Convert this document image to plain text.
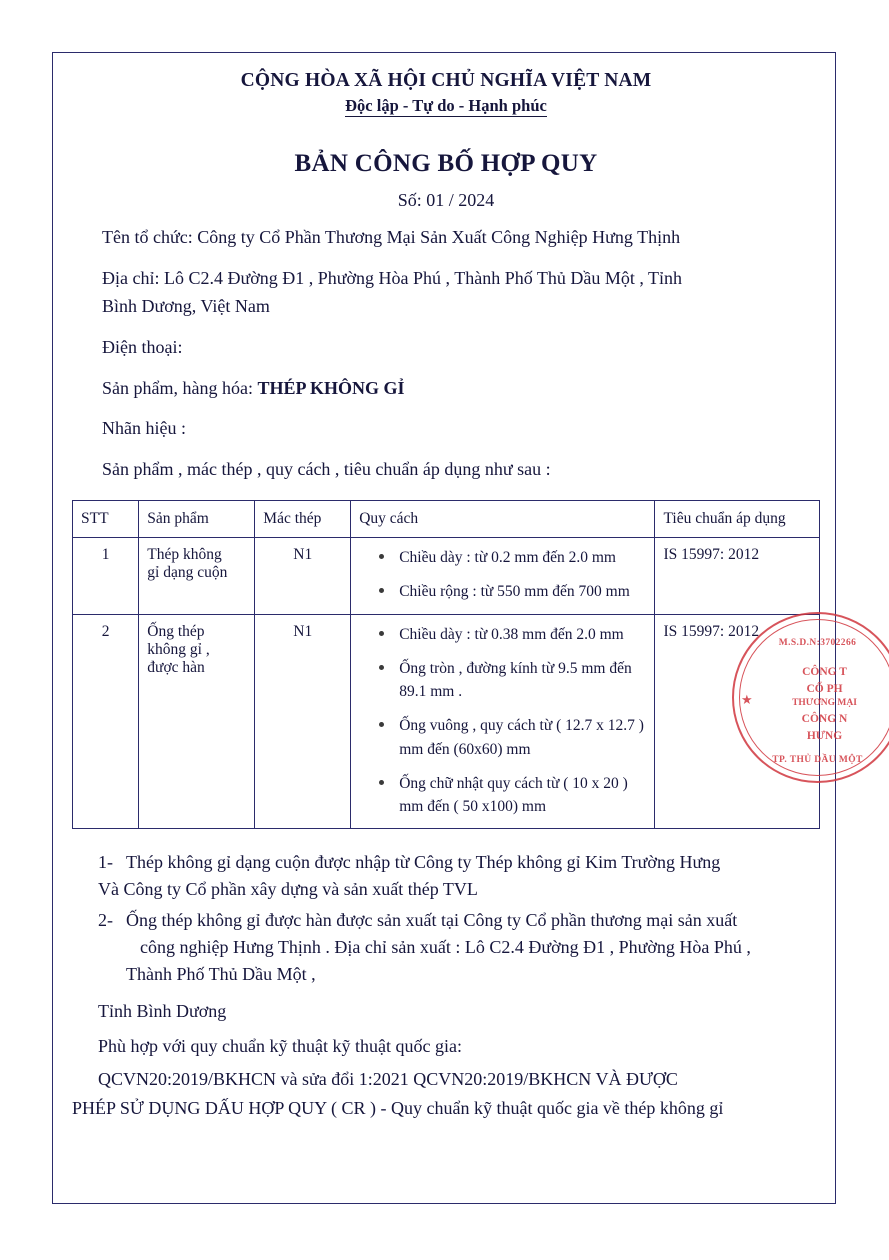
CỘNG HÒA XÃ HỘI CHỦ NGHĨA VIỆT NAM
Độc lập - Tự do - Hạnh phúc
BẢN CÔNG BỐ HỢP QUY
Số: 01 / 2024
Tên tổ chức: Công ty Cổ Phần Thương Mại Sản Xuất Công Nghiệp Hưng Thịnh
Địa chỉ: Lô C2.4 Đường Đ1 , Phường Hòa Phú , Thành Phố Thủ Dầu Một , Tỉnh
Bình Dương, Việt Nam
Điện thoại:
Sản phẩm, hàng hóa: THÉP KHÔNG GỈ
Nhãn hiệu :
Sản phẩm , mác thép , quy cách , tiêu chuẩn áp dụng như sau :
STT	Sản phẩm	Mác thép	Quy cách	Tiêu chuẩn áp dụng
1	Thép không
gỉ dạng cuộn
	N1	Chiều dày : từ 0.2 mm đến 2.0 mm
Chiều rộng : từ 550 mm đến 700 mm
	IS 15997: 2012
2	Ống thép
không gỉ ,
được hàn
	N1	Chiều dày : từ 0.38 mm đến 2.0 mm
Ống tròn , đường kính từ 9.5 mm đến 89.1 mm .
Ống vuông , quy cách từ ( 12.7 x 12.7 ) mm đến (60x60) mm
Ống chữ nhật quy cách từ ( 10 x 20 ) mm đến ( 50 x100) mm
	IS 15997: 2012
1- Thép không gỉ dạng cuộn được nhập từ Công ty Thép không gỉ Kim Trường Hưng
Và Công ty Cổ phần xây dựng và sản xuất thép TVL
2- Ống thép không gỉ được hàn được sản xuất tại Công ty Cổ phần thương mại sản xuất
công nghiệp Hưng Thịnh . Địa chỉ sản xuất : Lô C2.4 Đường Đ1 , Phường Hòa Phú ,
Thành Phố Thủ Dầu Một ,
Tỉnh Bình Dương
Phù hợp với quy chuẩn kỹ thuật kỹ thuật quốc gia:
QCVN20:2019/BKHCN và sửa đổi 1:2021 QCVN20:2019/BKHCN VÀ ĐƯỢC
PHÉP SỬ DỤNG DẤU HỢP QUY ( CR ) - Quy chuẩn kỹ thuật quốc gia về thép không gỉ
★
M.S.D.N:3702266
TP. THỦ DẦU MỘT
CÔNG T
CỔ PH
THƯƠNG MẠI
CÔNG N
HƯNG
